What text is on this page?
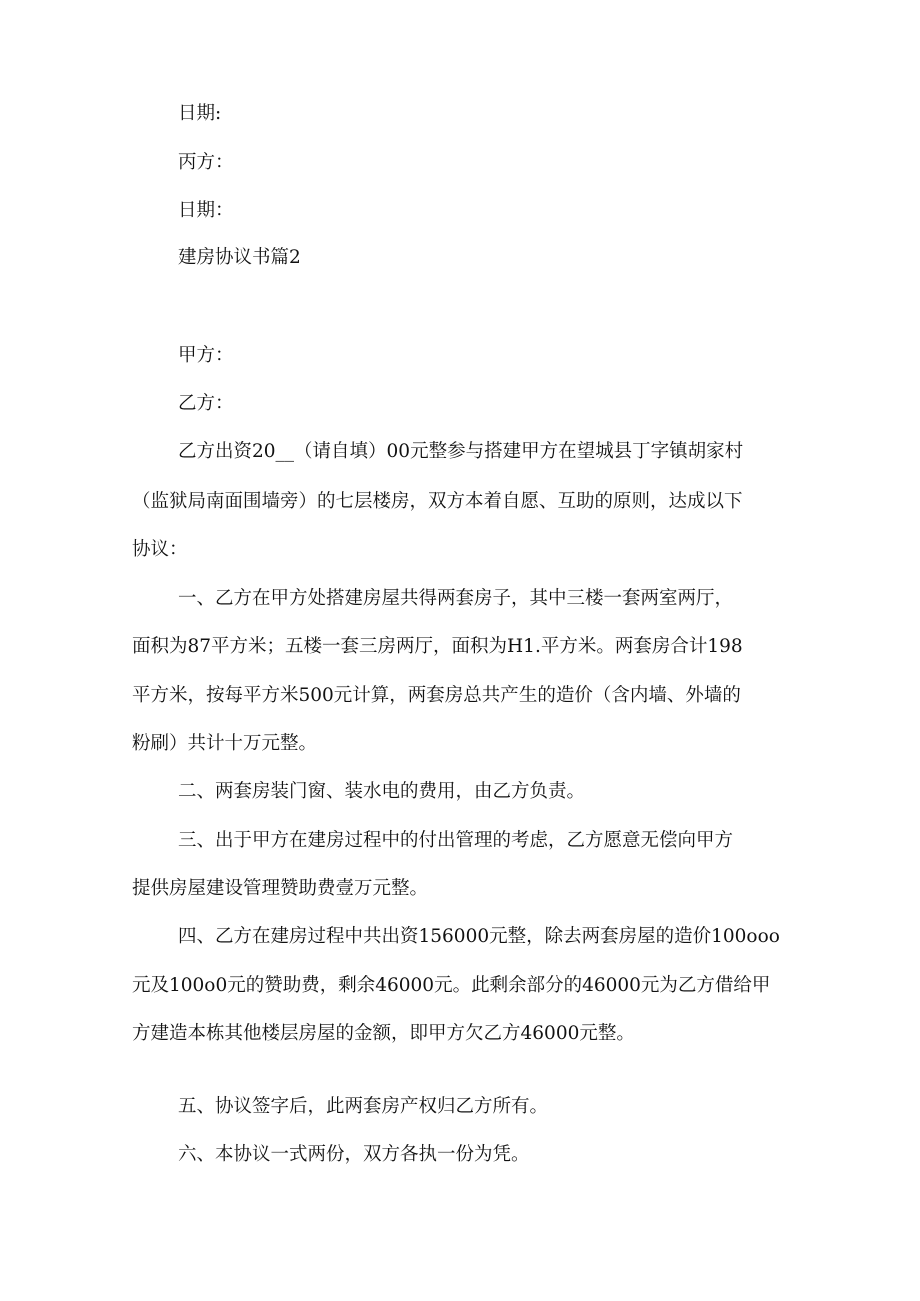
日期:

丙方：

日期：

建房协议书篇2

甲方：

乙方：

乙方出资20__（请自填）00元整参与搭建甲方在望城县丁字镇胡家村

（监狱局南面围墙旁）的七层楼房，双方本着自愿、互助的原则，达成以下

协议：

一、乙方在甲方处搭建房屋共得两套房子，其中三楼一套两室两厅，

面积为87平方米；五楼一套三房两厅，面积为H1.平方米。两套房合计198

平方米，按每平方米500元计算，两套房总共产生的造价（含内墙、外墙的

粉刷）共计十万元整。

二、两套房装门窗、装水电的费用，由乙方负责。

三、出于甲方在建房过程中的付出管理的考虑，乙方愿意无偿向甲方

提供房屋建设管理赞助费壹万元整。

四、乙方在建房过程中共出资156000元整，除去两套房屋的造价100ooo

元及100o0元的赞助费，剩余46000元。此剩余部分的46000元为乙方借给甲

方建造本栋其他楼层房屋的金额，即甲方欠乙方46000元整。

五、协议签字后，此两套房产权归乙方所有。

六、本协议一式两份，双方各执一份为凭。
